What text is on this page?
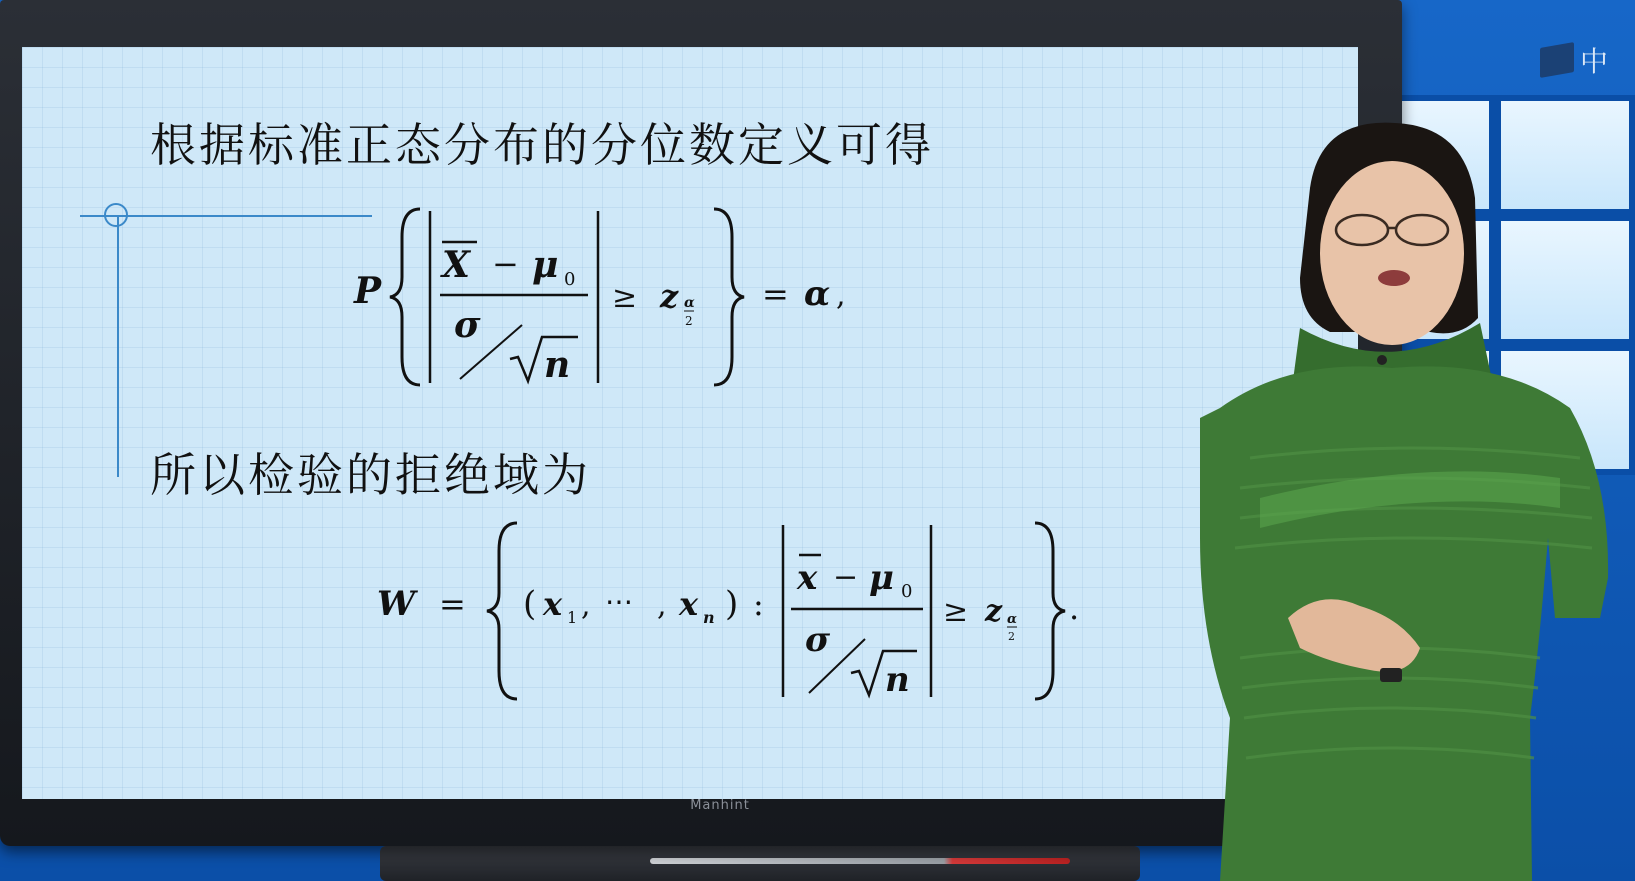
中
根据标准正态分布的分位数定义可得
所以检验的拒绝域为
P
X − μ 0
σ
n
≥ z α
2
= α ,
W = ( x 1 , ⋯ , x n ) :
x − μ 0
σ
n
≥ z α
2
.
Manhint
